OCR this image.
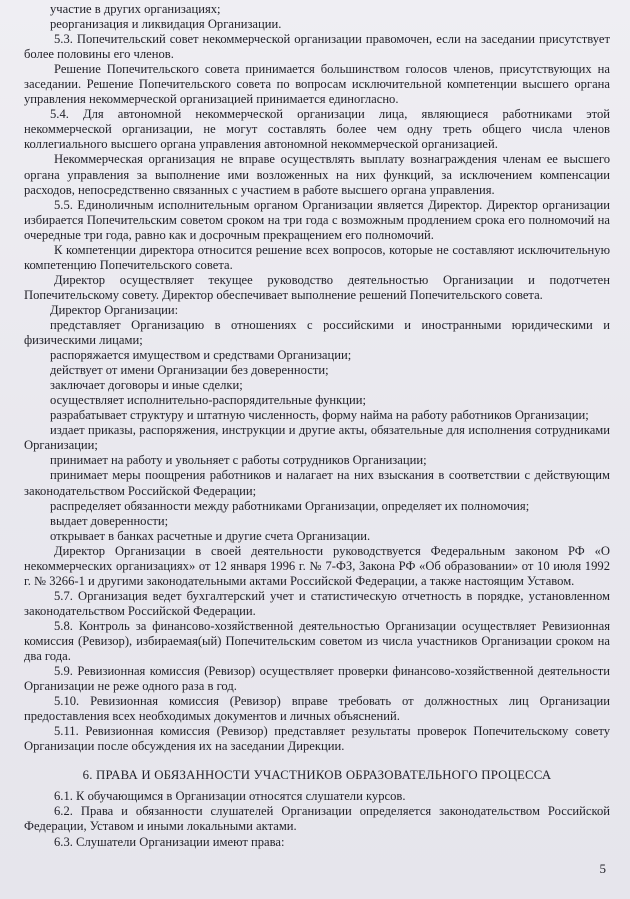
участие в других организациях;

реорганизация и ликвидация Организации.

5.3. Попечительский совет некоммерческой организации правомочен, если на заседании присутствует более половины его членов.

Решение Попечительского совета принимается большинством голосов членов, присутствующих на заседании. Решение Попечительского совета по вопросам исключительной компетенции высшего органа управления некоммерческой организацией принимается единогласно.

5.4. Для автономной некоммерческой организации лица, являющиеся работниками этой некоммерческой организации, не могут составлять более чем одну треть общего числа членов коллегиального высшего органа управления автономной некоммерческой организацией.

Некоммерческая организация не вправе осуществлять выплату вознаграждения членам ее высшего органа управления за выполнение ими возложенных на них функций, за исключением компенсации расходов, непосредственно связанных с участием в работе высшего органа управления.

5.5. Единоличным исполнительным органом Организации является Директор. Директор организации избирается Попечительским советом сроком на три года с возможным продлением срока его полномочий на очередные три года, равно как и досрочным прекращением его полномочий.

К компетенции директора относится решение всех вопросов, которые не составляют исключительную компетенцию Попечительского совета.

Директор осуществляет текущее руководство деятельностью Организации и подотчетен Попечительскому совету. Директор обеспечивает выполнение решений Попечительского совета.

Директор Организации:

представляет Организацию в отношениях с российскими и иностранными юридическими и физическими лицами;

распоряжается имуществом и средствами Организации;

действует от имени Организации без доверенности;

заключает договоры и иные сделки;

осуществляет исполнительно-распорядительные функции;

разрабатывает структуру и штатную численность, форму найма на работу работников Организации;

издает приказы, распоряжения, инструкции и другие акты, обязательные для исполнения сотрудниками Организации;

принимает на работу и увольняет с работы сотрудников Организации;

принимает меры поощрения работников и налагает на них взыскания в соответствии с действующим законодательством Российской Федерации;

распределяет обязанности между работниками Организации, определяет их полномочия;

выдает доверенности;

открывает в банках расчетные и другие счета Организации.

Директор Организации в своей деятельности руководствуется Федеральным законом РФ «О некоммерческих организациях» от 12 января 1996 г. № 7-ФЗ, Закона РФ «Об образовании» от 10 июля 1992 г. № 3266-1 и другими законодательными актами Российской Федерации, а также настоящим Уставом.

5.7. Организация ведет бухгалтерский учет и статистическую отчетность в порядке, установленном законодательством Российской Федерации.

5.8. Контроль за финансово-хозяйственной деятельностью Организации осуществляет Ревизионная комиссия (Ревизор), избираемая(ый) Попечительским советом из числа участников Организации сроком на два года.

5.9. Ревизионная комиссия (Ревизор) осуществляет проверки финансово-хозяйственной деятельности Организации не реже одного раза в год.

5.10. Ревизионная комиссия (Ревизор) вправе требовать от должностных лиц Организации предоставления всех необходимых документов и личных объяснений.

5.11. Ревизионная комиссия (Ревизор) представляет результаты проверок Попечительскому совету Организации после обсуждения их на заседании Дирекции.

6. ПРАВА И ОБЯЗАННОСТИ УЧАСТНИКОВ ОБРАЗОВАТЕЛЬНОГО ПРОЦЕССА

6.1. К обучающимся в Организации относятся слушатели курсов.

6.2. Права и обязанности слушателей Организации определяется законодательством Российской Федерации, Уставом и иными локальными актами.

6.3. Слушатели Организации имеют права:

5
